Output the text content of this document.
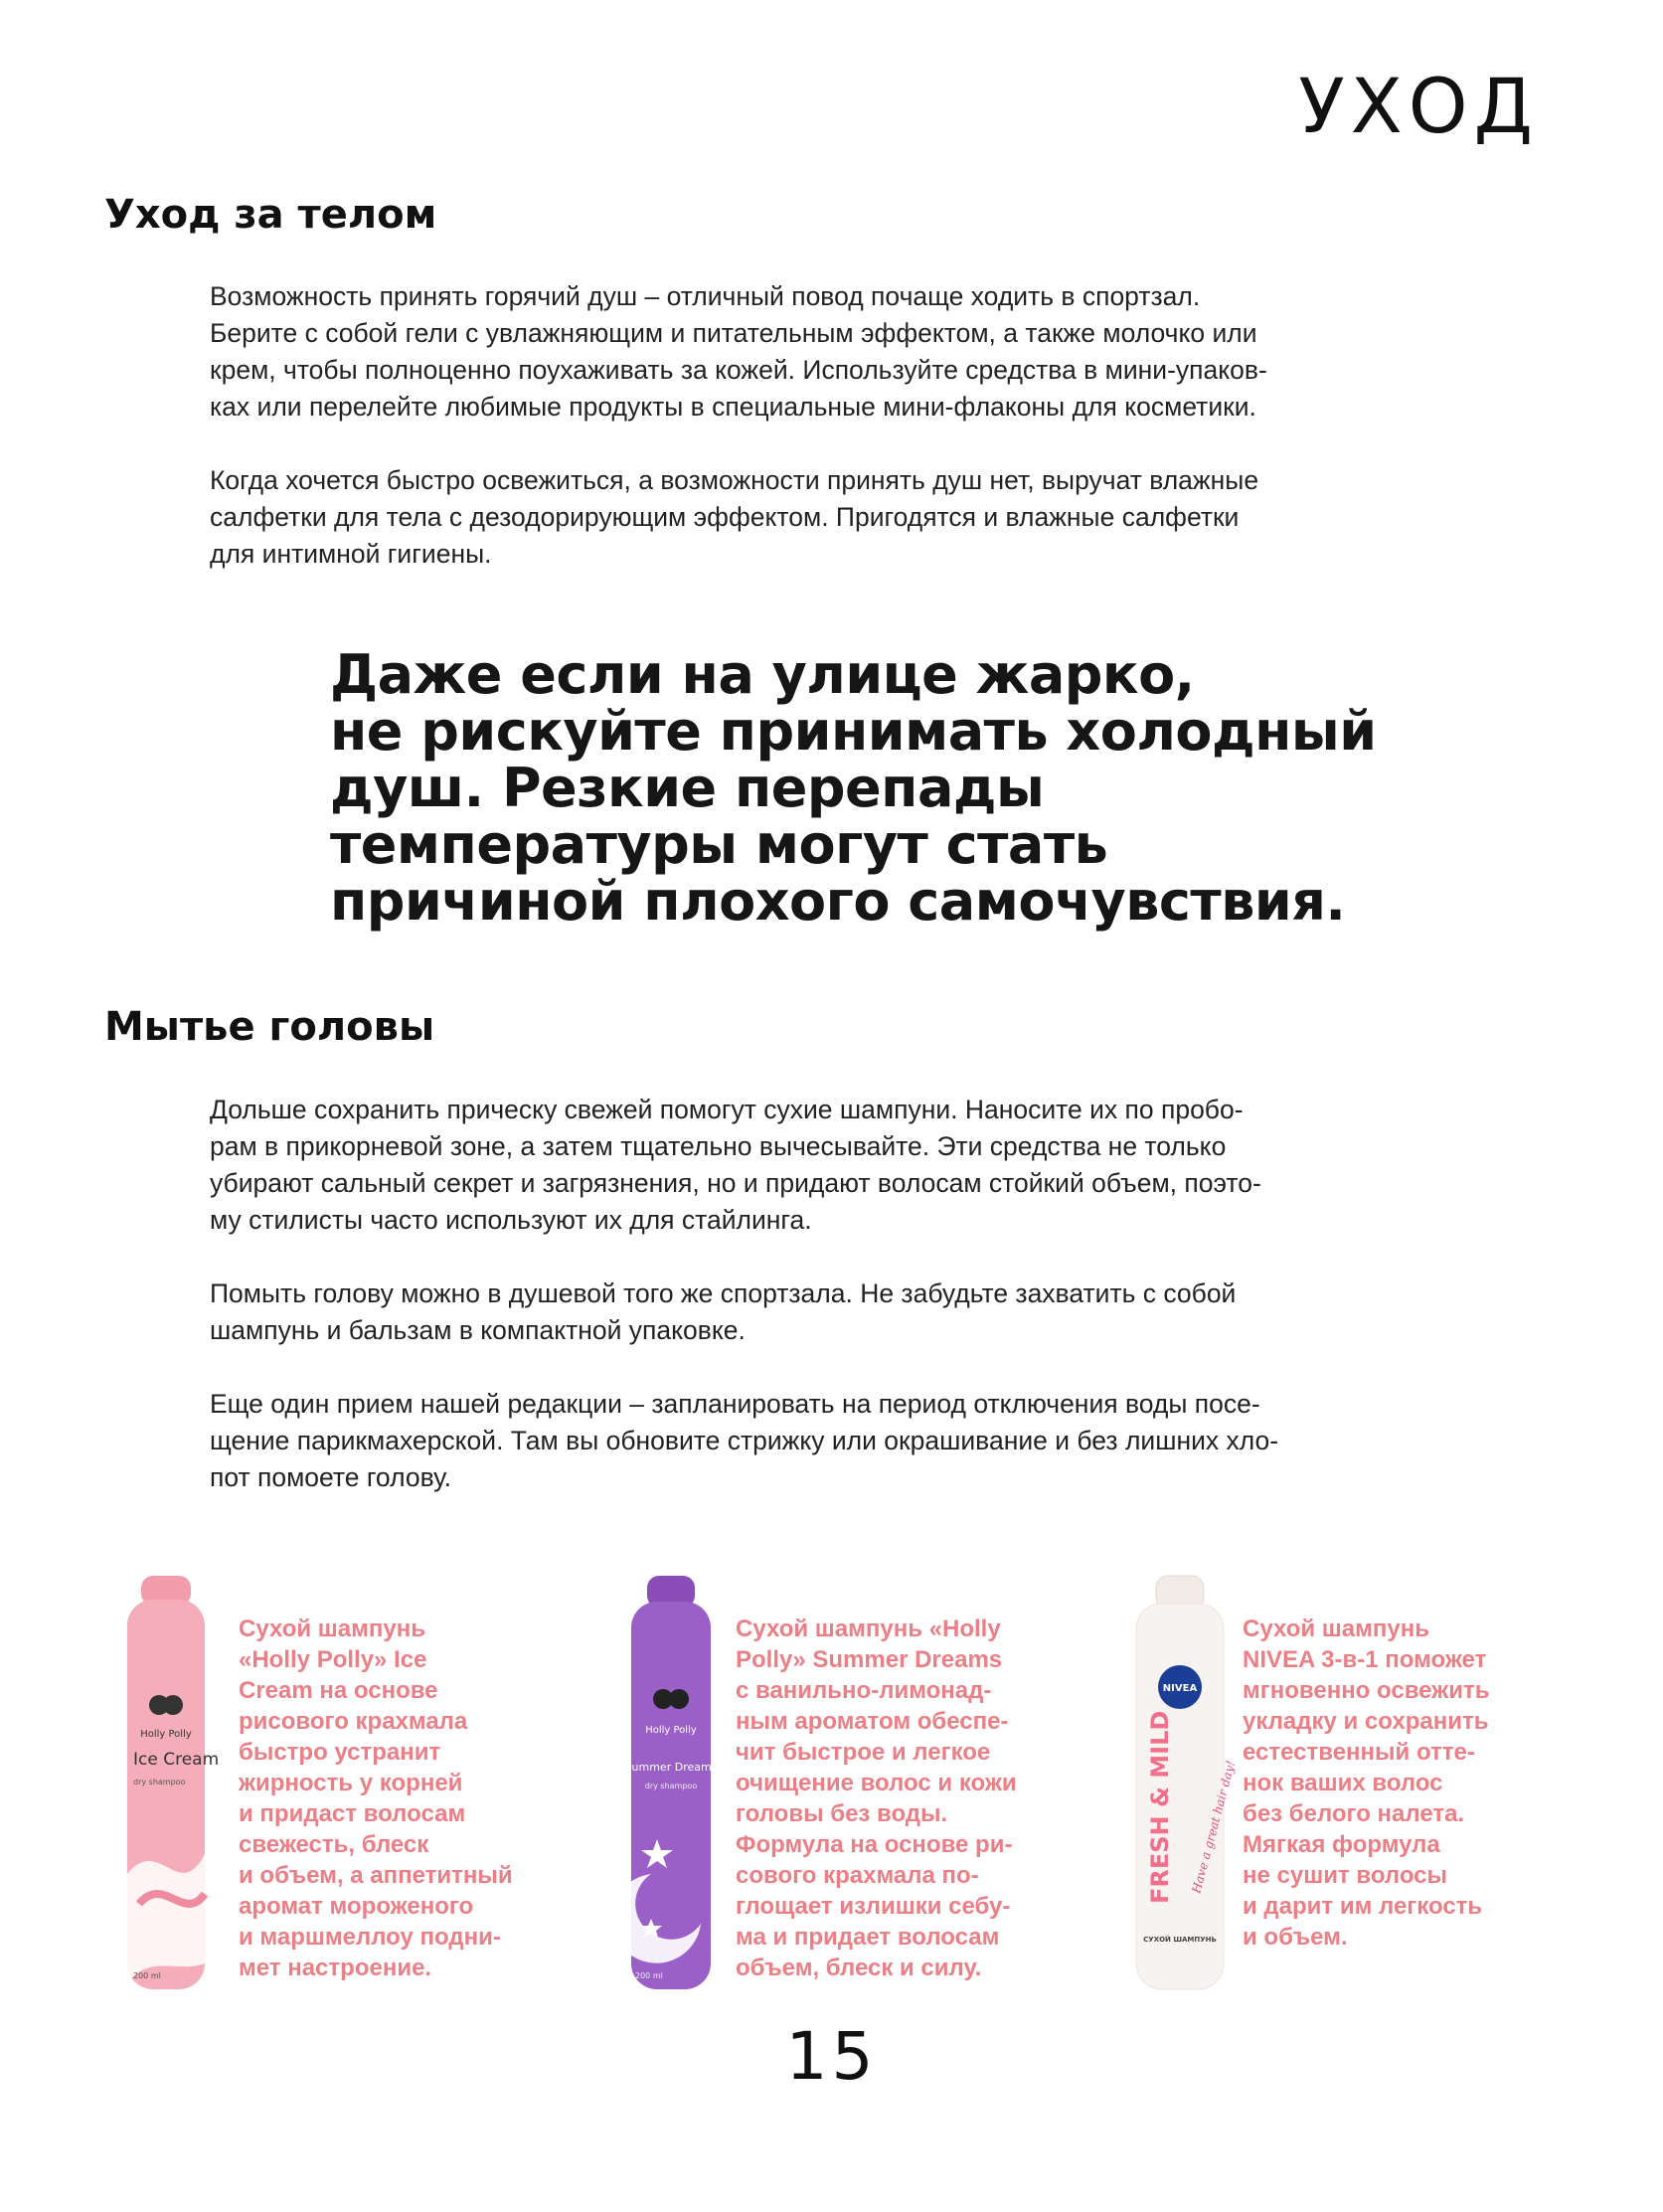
УХОД
Уход за телом

Возможность принять горячий душ – отличный повод почаще ходить в спортзал.
Берите с собой гели с увлажняющим и питательным эффектом, а также молочко или
крем, чтобы полноценно поухаживать за кожей. Используйте средства в мини-упаков-
ках или перелейте любимые продукты в специальные мини-флаконы для косметики.

Когда хочется быстро освежиться, а возможности принять душ нет, выручат влажные
салфетки для тела с дезодорирующим эффектом. Пригодятся и влажные салфетки
для интимной гигиены.

Даже если на улице жарко,
не рискуйте принимать холодный
душ. Резкие перепады
температуры могут стать
причиной плохого самочувствия.

Мытье головы

Дольше сохранить прическу свежей помогут сухие шампуни. Наносите их по пробо-
рам в прикорневой зоне, а затем тщательно вычесывайте. Эти средства не только
убирают сальный секрет и загрязнения, но и придают волосам стойкий объем, поэто-
му стилисты часто используют их для стайлинга.

Помыть голову можно в душевой того же спортзала. Не забудьте захватить с собой
шампунь и бальзам в компактной упаковке.

Еще один прием нашей редакции – запланировать на период отключения воды посе-
щение парикмахерской. Там вы обновите стрижку или окрашивание и без лишних хло-
пот помоете голову.

Holly Polly
Ice Cream
dry shampoo
200 ml

Сухой шампунь
«Holly Polly» Ice
Cream на основе
рисового крахмала
быстро устранит
жирность у корней
и придаст волосам
свежесть, блеск
и объем, а аппетитный
аромат мороженого
и маршмеллоу подни-
мет настроение.

Holly Polly
Summer Dreams
dry shampoo
200 ml

Сухой шампунь «Holly
Polly» Summer Dreams
с ванильно-лимонад-
ным ароматом обеспе-
чит быстрое и легкое
очищение волос и кожи
головы без воды.
Формула на основе ри-
сового крахмала по-
глощает излишки себу-
ма и придает волосам
объем, блеск и силу.

NIVEA
FRESH & MILD Have a great hair day!
СУХОЙ ШАМПУНЬ

Сухой шампунь
NIVEA 3-в-1 поможет
мгновенно освежить
укладку и сохранить
естественный отте-
нок ваших волос
без белого налета.
Мягкая формула
не сушит волосы
и дарит им легкость
и объем.

15
